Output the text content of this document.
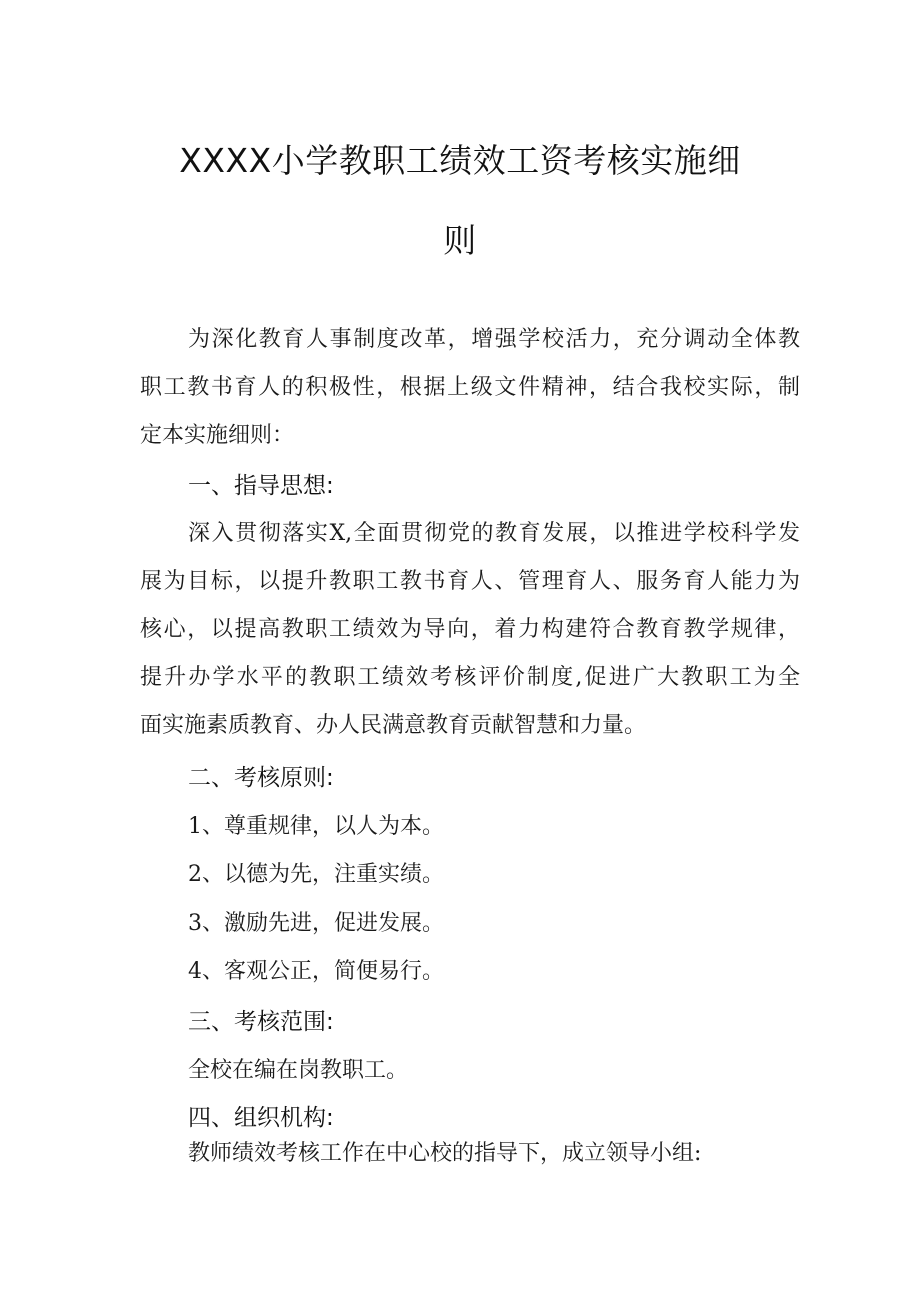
XXXX小学教职工绩效工资考核实施细
则
为深化教育人事制度改革，增强学校活力，充分调动全体教
职工教书育人的积极性，根据上级文件精神，结合我校实际，制
定本实施细则：
一、指导思想:
深入贯彻落实X,全面贯彻党的教育发展，以推进学校科学发
展为目标，以提升教职工教书育人、管理育人、服务育人能力为
核心，以提高教职工绩效为导向，着力构建符合教育教学规律，
提升办学水平的教职工绩效考核评价制度,促进广大教职工为全
面实施素质教育、办人民满意教育贡献智慧和力量。
二、考核原则:
1、尊重规律，以人为本。
2、以德为先，注重实绩。
3、激励先进，促进发展。
4、客观公正，简便易行。
三、考核范围:
全校在编在岗教职工。
四、组织机构:
教师绩效考核工作在中心校的指导下，成立领导小组:
